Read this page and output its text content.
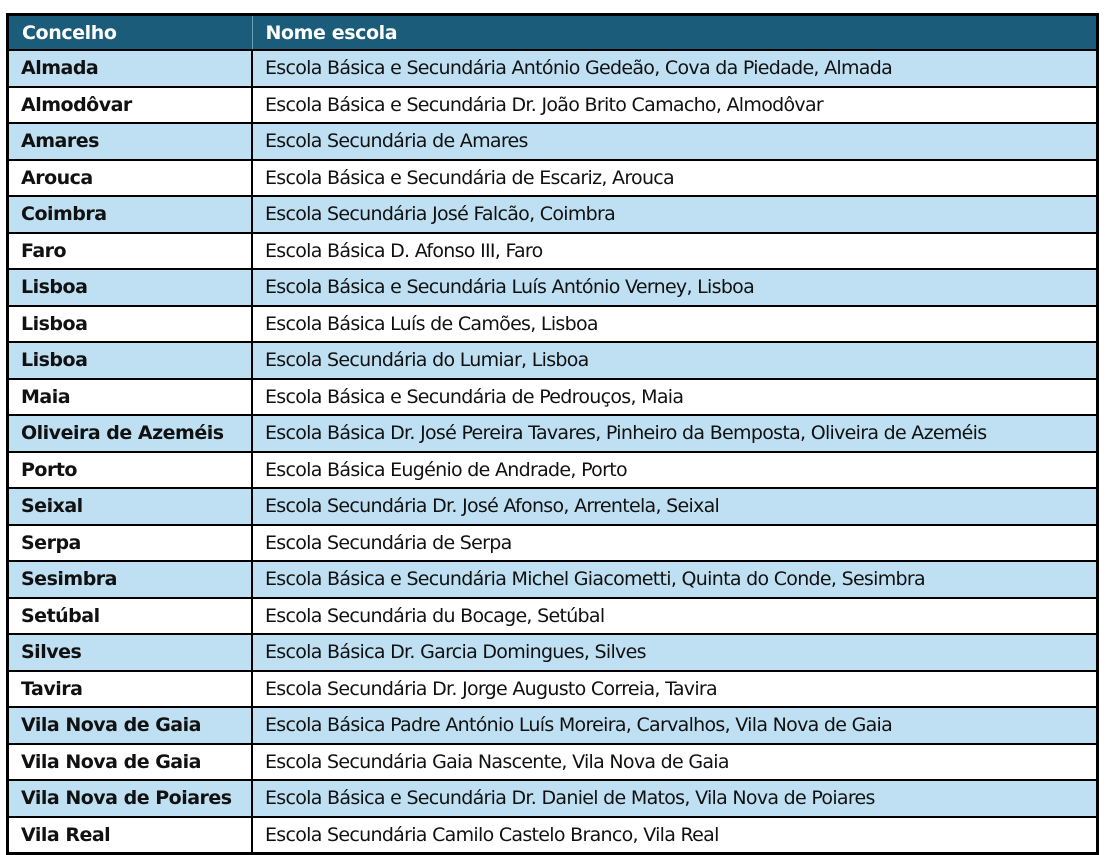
Concelho	Nome escola
Almada	Escola Básica e Secundária António Gedeão, Cova da Piedade, Almada
Almodôvar	Escola Básica e Secundária Dr. João Brito Camacho, Almodôvar
Amares	Escola Secundária de Amares
Arouca	Escola Básica e Secundária de Escariz, Arouca
Coimbra	Escola Secundária José Falcão, Coimbra
Faro	Escola Básica D. Afonso III, Faro
Lisboa	Escola Básica e Secundária Luís António Verney, Lisboa
Lisboa	Escola Básica Luís de Camões, Lisboa
Lisboa	Escola Secundária do Lumiar, Lisboa
Maia	Escola Básica e Secundária de Pedrouços, Maia
Oliveira de Azeméis	Escola Básica Dr. José Pereira Tavares, Pinheiro da Bemposta, Oliveira de Azeméis
Porto	Escola Básica Eugénio de Andrade, Porto
Seixal	Escola Secundária Dr. José Afonso, Arrentela, Seixal
Serpa	Escola Secundária de Serpa
Sesimbra	Escola Básica e Secundária Michel Giacometti, Quinta do Conde, Sesimbra
Setúbal	Escola Secundária du Bocage, Setúbal
Silves	Escola Básica Dr. Garcia Domingues, Silves
Tavira	Escola Secundária Dr. Jorge Augusto Correia, Tavira
Vila Nova de Gaia	Escola Básica Padre António Luís Moreira, Carvalhos, Vila Nova de Gaia
Vila Nova de Gaia	Escola Secundária Gaia Nascente, Vila Nova de Gaia
Vila Nova de Poiares	Escola Básica e Secundária Dr. Daniel de Matos, Vila Nova de Poiares
Vila Real	Escola Secundária Camilo Castelo Branco, Vila Real
